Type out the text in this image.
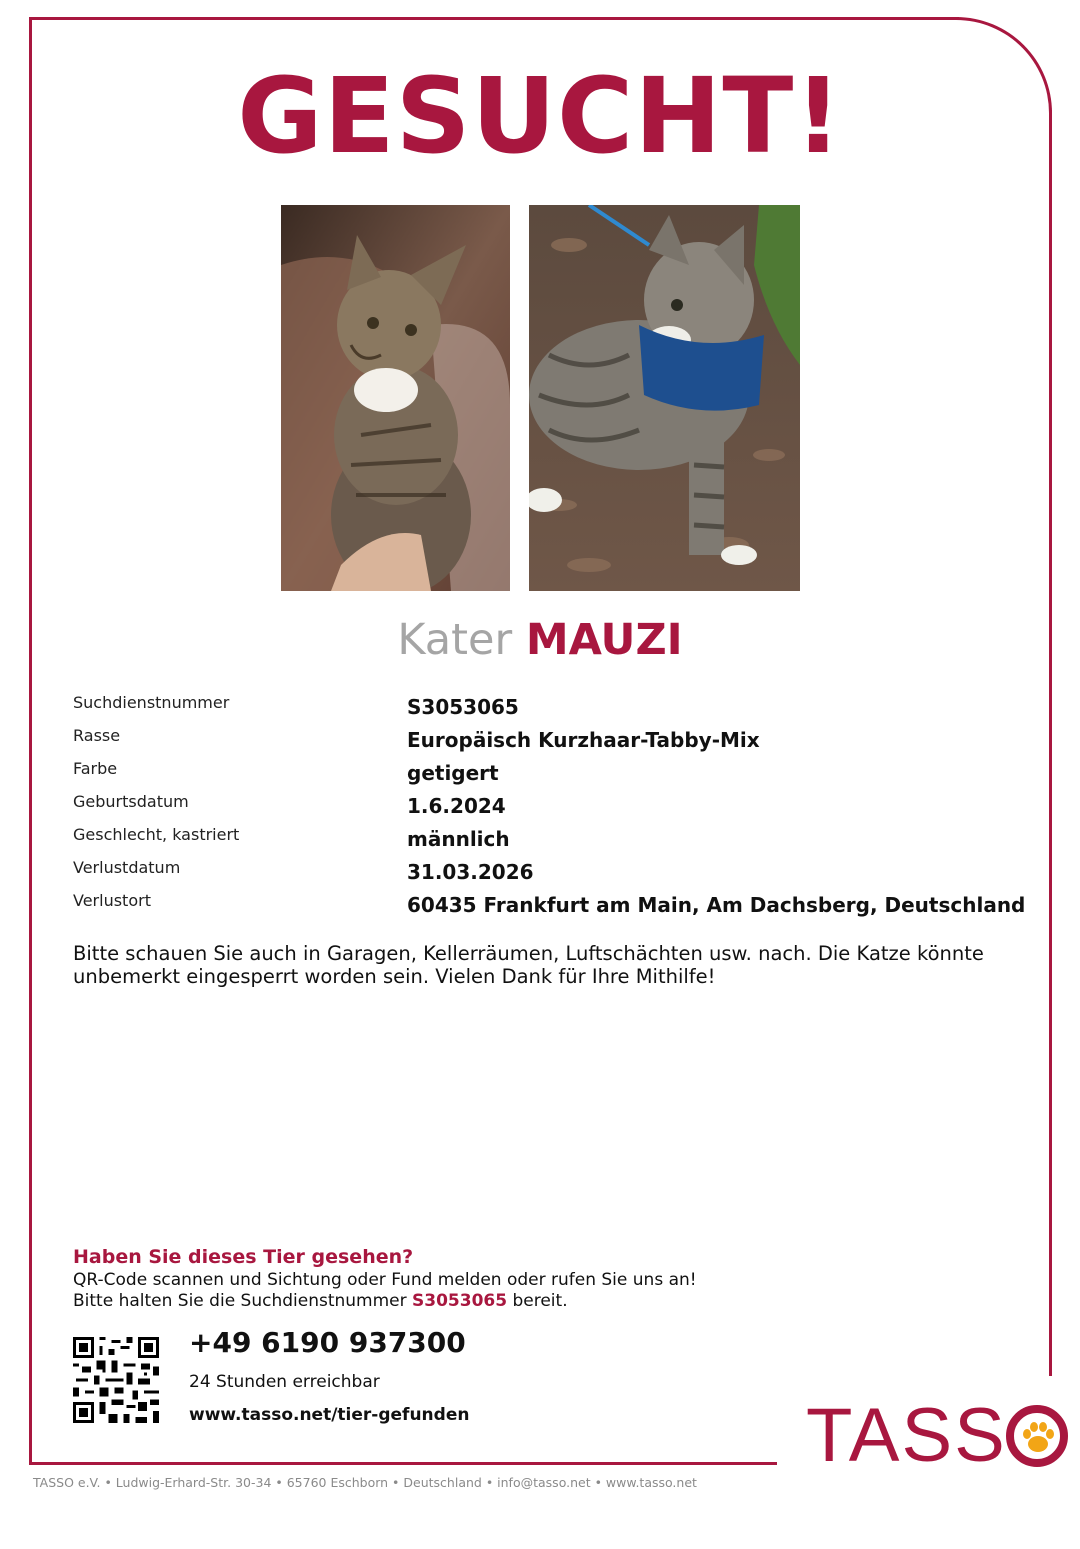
GESUCHT!
Kater MAUZI
Suchdienstnummer	S3053065
Rasse	Europäisch Kurzhaar-Tabby-Mix
Farbe	getigert
Geburtsdatum	1.6.2024
Geschlecht, kastriert	männlich
Verlustdatum	31.03.2026
Verlustort	60435 Frankfurt am Main, Am Dachsberg, Deutschland
Bitte schauen Sie auch in Garagen, Kellerräumen, Luftschächten usw. nach. Die Katze könnte unbemerkt eingesperrt worden sein. Vielen Dank für Ihre Mithilfe!
Haben Sie dieses Tier gesehen?
QR-Code scannen und Sichtung oder Fund melden oder rufen Sie uns an!
Bitte halten Sie die Suchdienstnummer S3053065 bereit.
+49 6190 937300
24 Stunden erreichbar
www.tasso.net/tier-gefunden	TASS
TASSO e.V. • Ludwig-Erhard-Str. 30-34 • 65760 Eschborn • Deutschland • info@tasso.net • www.tasso.net
